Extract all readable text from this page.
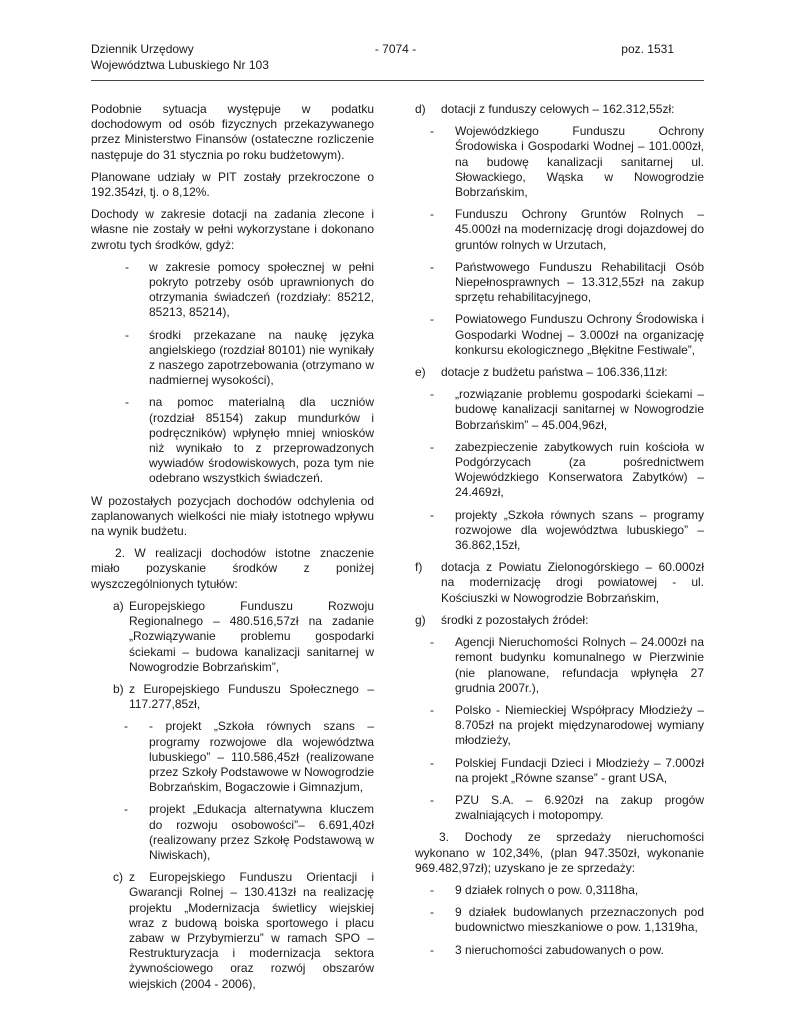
Dziennik Urzędowy
Województwa Lubuskiego Nr 103
- 7074 -	poz. 1531

Podobnie sytuacja występuje w podatku dochodowym od osób fizycznych przekazywanego przez Ministerstwo Finansów (ostateczne rozliczenie następuje do 31 stycznia po roku budżetowym).

Planowane udziały w PIT zostały przekroczone o 192.354zł, tj. o 8,12%.

Dochody w zakresie dotacji na zadania zlecone i własne nie zostały w pełni wykorzystane i dokonano zwrotu tych środków, gdyż:

- w zakresie pomocy społecznej w pełni pokryto potrzeby osób uprawnionych do otrzymania świadczeń (rozdziały: 85212, 85213, 85214),
- środki przekazane na naukę języka angielskiego (rozdział 80101) nie wynikały z naszego zapotrzebowania (otrzymano w nadmiernej wysokości),
- na pomoc materialną dla uczniów (rozdział 85154) zakup mundurków i podręczników) wpłynęło mniej wniosków niż wynikało to z przeprowadzonych wywiadów środowiskowych, poza tym nie odebrano wszystkich świadczeń.

W pozostałych pozycjach dochodów odchylenia od zaplanowanych wielkości nie miały istotnego wpływu na wynik budżetu.

2. W realizacji dochodów istotne znaczenie miało pozyskanie środków z poniżej wyszczególnionych tytułów:

a) Europejskiego Funduszu Rozwoju Regionalnego – 480.516,57zł na zadanie „Rozwiązywanie problemu gospodarki ściekami – budowa kanalizacji sanitarnej w Nowogrodzie Bobrzańskim”,
b) z Europejskiego Funduszu Społecznego – 117.277,85zł,
- - projekt „Szkoła równych szans – programy rozwojowe dla województwa lubuskiego” – 110.586,45zł (realizowane przez Szkoły Podstawowe w Nowogrodzie Bobrzańskim, Bogaczowie i Gimnazjum,
- projekt „Edukacja alternatywna kluczem do rozwoju osobowości”– 6.691,40zł (realizowany przez Szkołę Podstawową w Niwiskach),
c) z Europejskiego Funduszu Orientacji i Gwarancji Rolnej – 130.413zł na realizację projektu „Modernizacja świetlicy wiejskiej wraz z budową boiska sportowego i placu zabaw w Przybymierzu” w ramach SPO – Restrukturyzacja i modernizacja sektora żywnościowego oraz rozwój obszarów wiejskich (2004 - 2006),
d) dotacji z funduszy celowych – 162.312,55zł:
- Wojewódzkiego Funduszu Ochrony Środowiska i Gospodarki Wodnej – 101.000zł, na budowę kanalizacji sanitarnej ul. Słowackiego, Wąska w Nowogrodzie Bobrzańskim,
- Funduszu Ochrony Gruntów Rolnych – 45.000zł na modernizację drogi dojazdowej do gruntów rolnych w Urzutach,
- Państwowego Funduszu Rehabilitacji Osób Niepełnosprawnych – 13.312,55zł na zakup sprzętu rehabilitacyjnego,
- Powiatowego Funduszu Ochrony Środowiska i Gospodarki Wodnej – 3.000zł na organizację konkursu ekologicznego „Błękitne Festiwale”,
e) dotacje z budżetu państwa – 106.336,11zł:
- „rozwiązanie problemu gospodarki ściekami – budowę kanalizacji sanitarnej w Nowogrodzie Bobrzańskim” – 45.004,96zł,
- zabezpieczenie zabytkowych ruin kościoła w Podgórzycach (za pośrednictwem Wojewódzkiego Konserwatora Zabytków) – 24.469zł,
- projekty „Szkoła równych szans – programy rozwojowe dla województwa lubuskiego” – 36.862,15zł,
f) dotacja z Powiatu Zielonogórskiego – 60.000zł na modernizację drogi powiatowej - ul. Kościuszki w Nowogrodzie Bobrzańskim,
g) środki z pozostałych źródeł:
- Agencji Nieruchomości Rolnych – 24.000zł na remont budynku komunalnego w Pierzwinie (nie planowane, refundacja wpłynęła 27 grudnia 2007r.),
- Polsko - Niemieckiej Współpracy Młodzieży – 8.705zł na projekt międzynarodowej wymiany młodzieży,
- Polskiej Fundacji Dzieci i Młodzieży – 7.000zł na projekt „Równe szanse” - grant USA,
- PZU S.A. – 6.920zł na zakup progów zwalniających i motopompy.

3. Dochody ze sprzedaży nieruchomości wykonano w 102,34%, (plan 947.350zł, wykonanie 969.482,97zł); uzyskano je ze sprzedaży:

- 9 działek rolnych o pow. 0,3118ha,
- 9 działek budowlanych przeznaczonych pod budownictwo mieszkaniowe o pow. 1,1319ha,
- 3 nieruchomości zabudowanych o pow.
